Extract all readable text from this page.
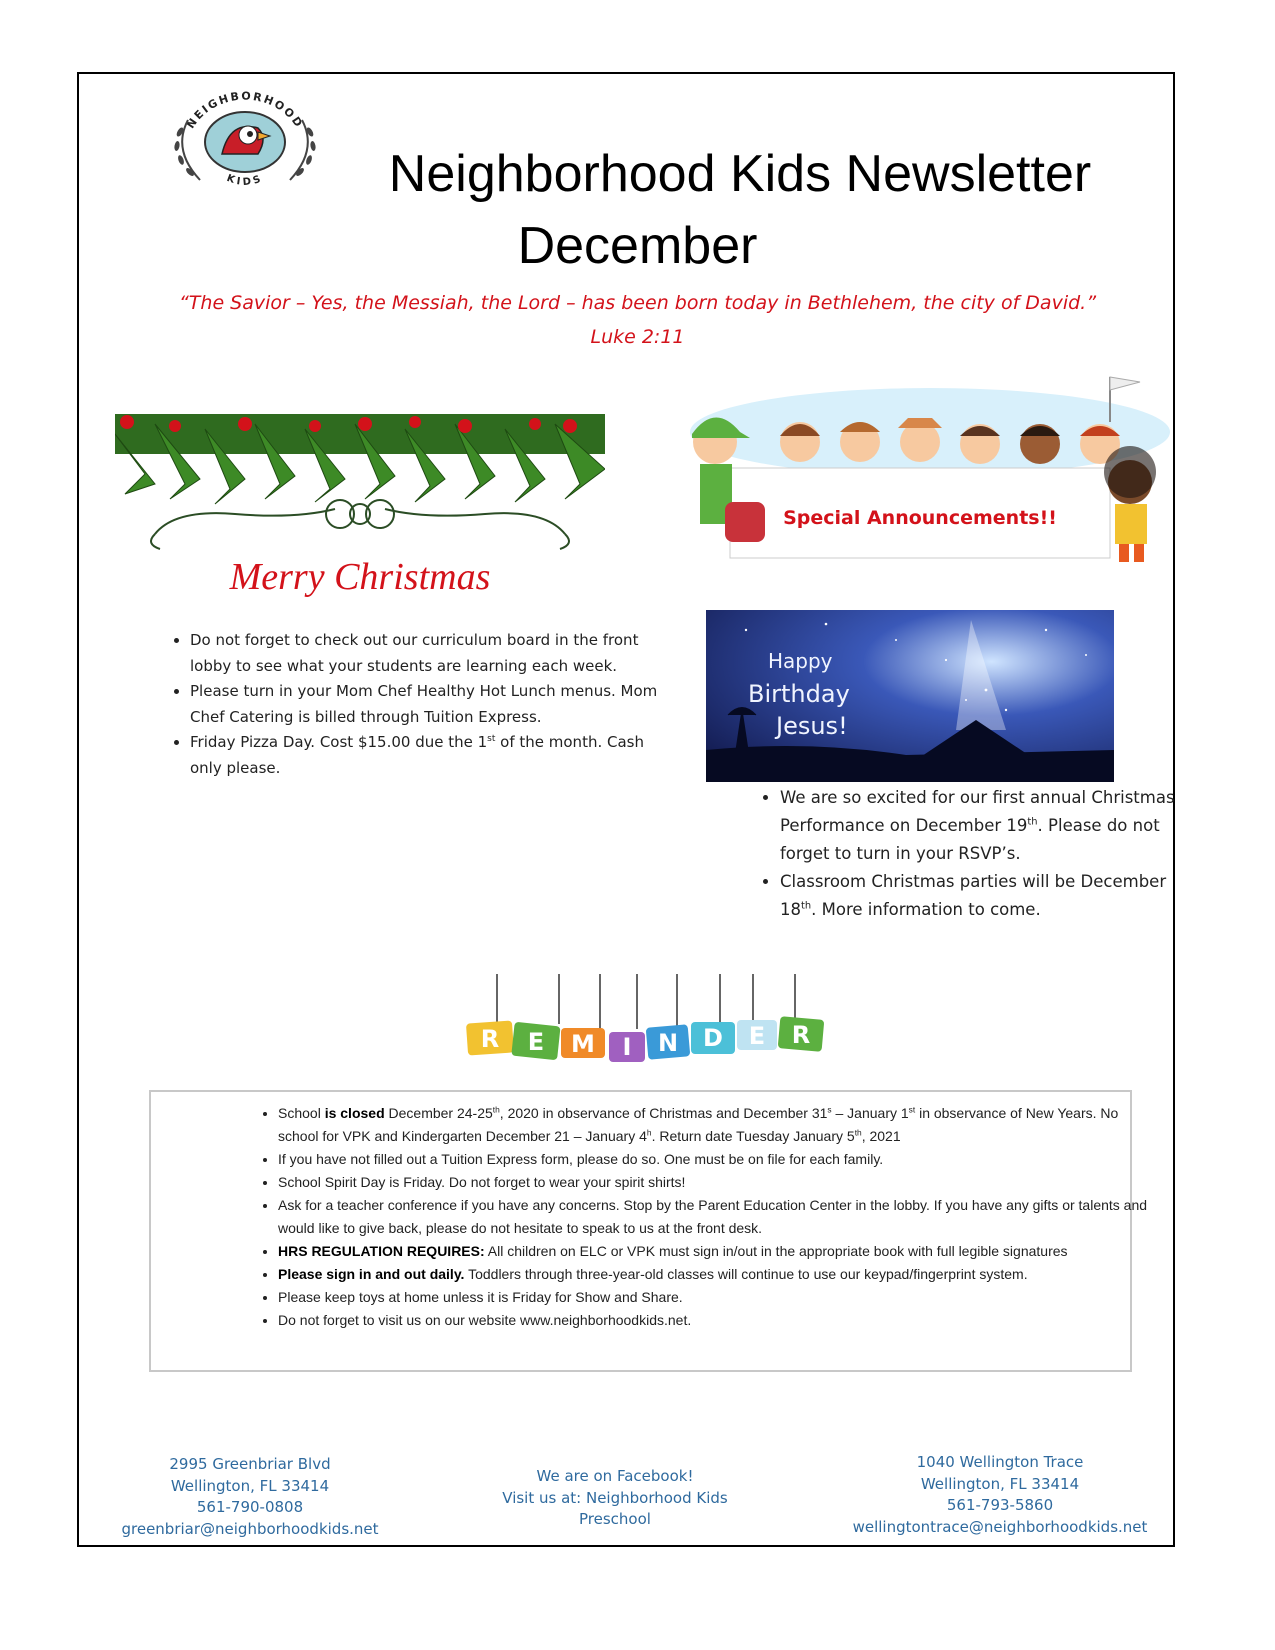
NEIGHBORHOOD
KIDS	Neighborhood Kids Newsletter
December
“The Savior – Yes, the Messiah, the Lord – has been born today in Bethlehem, the city of David.”
Luke 2:11
Merry Christmas
• Do not forget to check out our curriculum board in the front lobby to see what your students are learning each week.
• Please turn in your Mom Chef Healthy Hot Lunch menus. Mom Chef Catering is billed through Tuition Express.
• Friday Pizza Day. Cost $15.00 due the 1st of the month. Cash only please.
Special Announcements!!
Happy
Birthday
Jesus!
• We are so excited for our first annual Christmas Performance on December 19th. Please do not forget to turn in your RSVP’s.
• Classroom Christmas parties will be December 18th. More information to come.
R E M I N D E R
• School is closed December 24-25th, 2020 in observance of Christmas and December 31$^s$ – January 1st in observance of New Years. No school for VPK and Kindergarten December 21 – January 4$^h$. Return date Tuesday January 5th, 2021
• If you have not filled out a Tuition Express form, please do so. One must be on file for each family.
• School Spirit Day is Friday. Do not forget to wear your spirit shirts!
• Ask for a teacher conference if you have any concerns. Stop by the Parent Education Center in the lobby. If you have any gifts or talents and would like to give back, please do not hesitate to speak to us at the front desk.
• HRS REGULATION REQUIRES: All children on ELC or VPK must sign in/out in the appropriate book with full legible signatures
• Please sign in and out daily. Toddlers through three-year-old classes will continue to use our keypad/fingerprint system.
• Please keep toys at home unless it is Friday for Show and Share.
• Do not forget to visit us on our website www.neighborhoodkids.net.
2995 Greenbriar Blvd
Wellington, FL 33414
561-790-0808
greenbriar@neighborhoodkids.net
We are on Facebook!
Visit us at: Neighborhood Kids
Preschool
1040 Wellington Trace
Wellington, FL 33414
561-793-5860
wellingtontrace@neighborhoodkids.net
